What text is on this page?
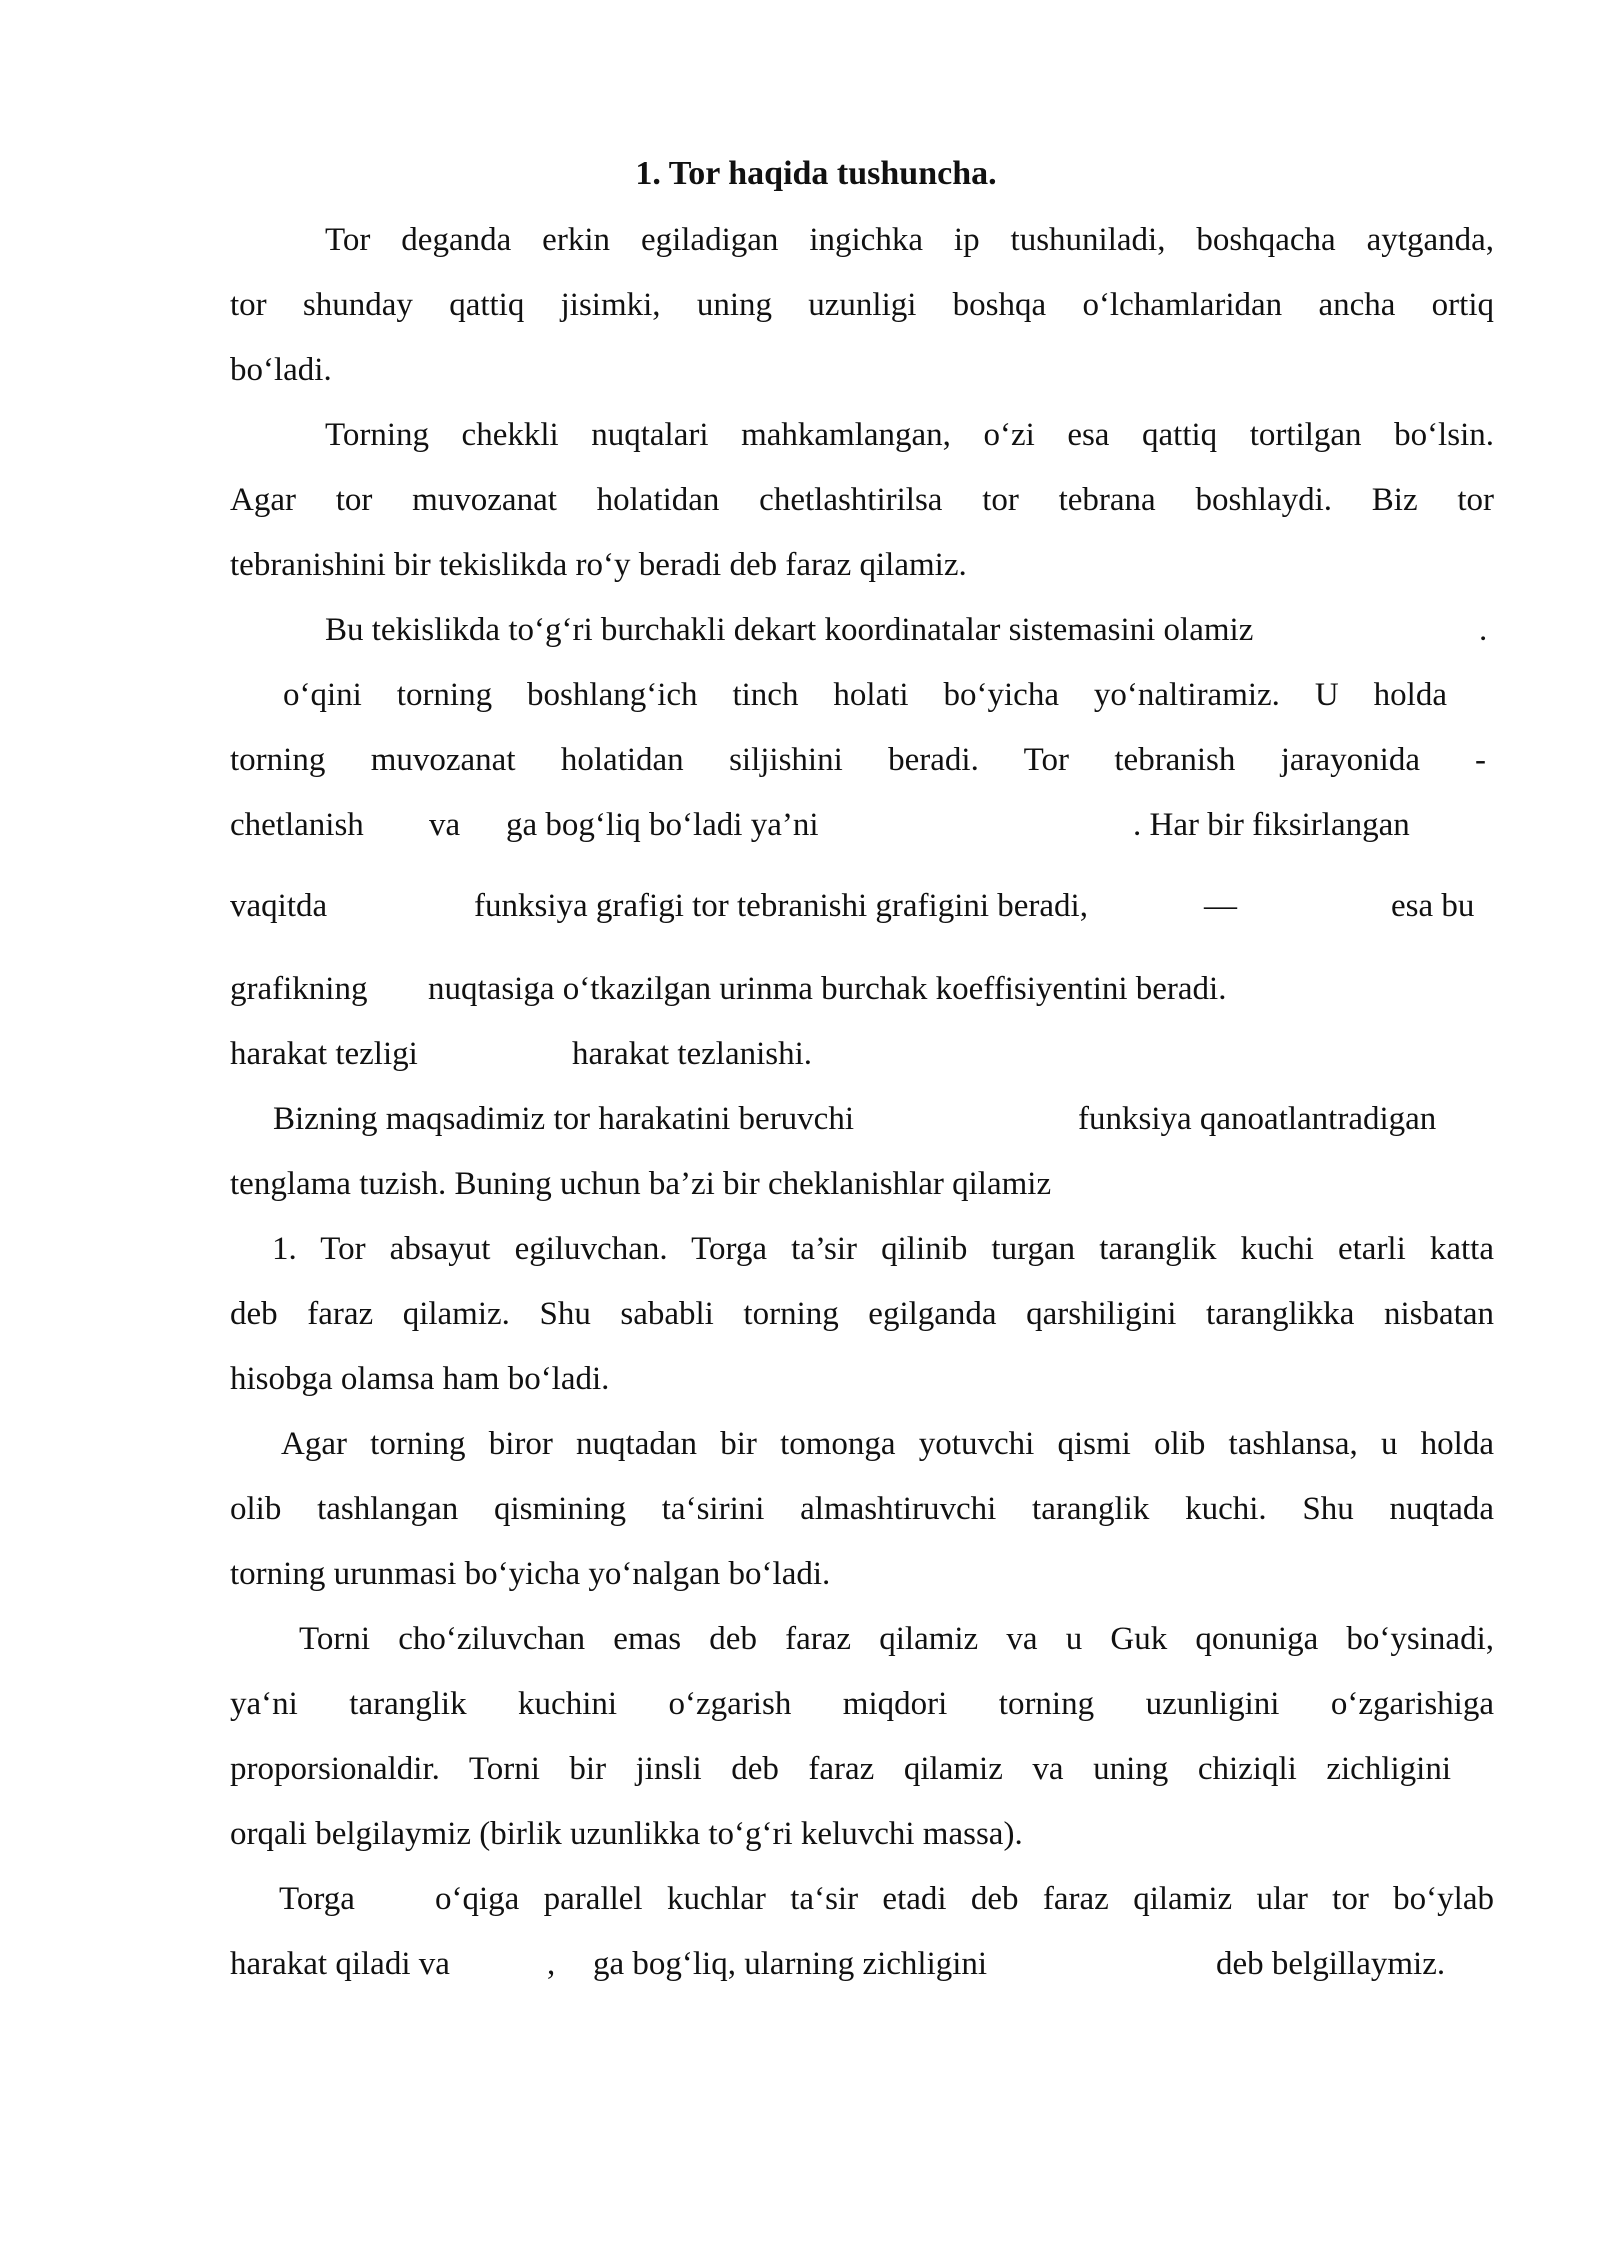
1. Tor haqida tushuncha.

Tor deganda erkin egiladigan ingichka ip tushuniladi, boshqacha aytganda,

tor shunday qattiq jisimki, uning uzunligi boshqa o‘lchamlaridan ancha ortiq

bo‘ladi.

Torning chekkli nuqtalari mahkamlangan, o‘zi esa qattiq tortilgan bo‘lsin.

Agar tor muvozanat holatidan chetlashtirilsa tor tebrana boshlaydi. Biz tor

tebranishini bir tekislikda ro‘y beradi deb faraz qilamiz.

Bu tekislikda to‘g‘ri burchakli dekart koordinatalar sistemasini olamiz	.

o‘qini torning boshlang‘ich tinch holati bo‘yicha yo‘naltiramiz. U holda

torning muvozanat holatidan siljishini beradi. Tor tebranish jarayonida -

chetlanish va ga bog‘liq bo‘ladi ya’ni	. Har bir fiksirlangan

vaqitda	funksiya grafigi tor tebranishi grafigini beradi,	—	esa bu

grafikning nuqtasiga o‘tkazilgan urinma burchak koeffisiyentini beradi.

harakat tezligi	harakat tezlanishi.

Bizning maqsadimiz tor harakatini beruvchi	funksiya qanoatlantradigan

tenglama tuzish. Buning uchun ba’zi bir cheklanishlar qilamiz

1. Tor absayut egiluvchan. Torga ta’sir qilinib turgan taranglik kuchi etarli katta

deb faraz qilamiz. Shu sababli torning egilganda qarshiligini taranglikka nisbatan

hisobga olamsa ham bo‘ladi.

Agar torning biror nuqtadan bir tomonga yotuvchi qismi olib tashlansa, u holda

olib tashlangan qismining ta‘sirini almashtiruvchi taranglik kuchi. Shu nuqtada

torning urunmasi bo‘yicha yo‘nalgan bo‘ladi.

Torni cho‘ziluvchan emas deb faraz qilamiz va u Guk qonuniga bo‘ysinadi,

ya‘ni taranglik kuchini o‘zgarish miqdori torning uzunligini o‘zgarishiga

proporsionaldir. Torni bir jinsli deb faraz qilamiz va uning chiziqli zichligini

orqali belgilaymiz (birlik uzunlikka to‘g‘ri keluvchi massa).

Torga o‘qiga parallel kuchlar ta‘sir etadi deb faraz qilamiz ular tor bo‘ylab

harakat qiladi va	, ga bog‘liq, ularning zichligini	deb belgillaymiz.
